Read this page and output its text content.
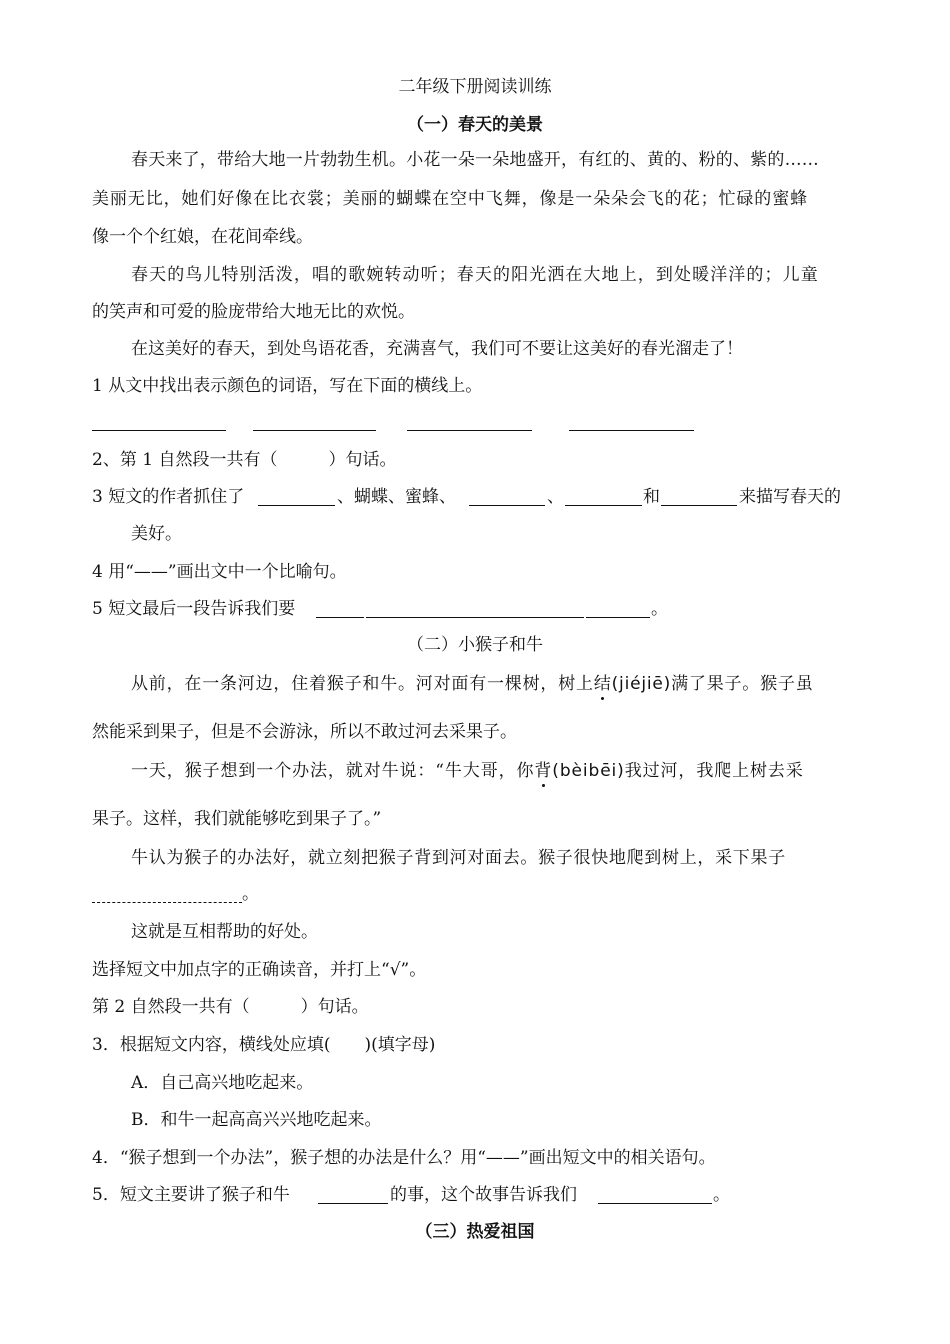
二年级下册阅读训练
（一）春天的美景
春天来了，带给大地一片勃勃生机。小花一朵一朵地盛开，有红的、黄的、粉的、紫的……
美丽无比，她们好像在比衣裳；美丽的蝴蝶在空中飞舞，像是一朵朵会飞的花；忙碌的蜜蜂
像一个个红娘，在花间牵线。
春天的鸟儿特别活泼，唱的歌婉转动听；春天的阳光洒在大地上，到处暖洋洋的；儿童
的笑声和可爱的脸庞带给大地无比的欢悦。
在这美好的春天，到处鸟语花香，充满喜气，我们可不要让这美好的春光溜走了！
1 从文中找出表示颜色的词语，写在下面的横线上。
2、第 1 自然段一共有（　　　）句话。
3 短文的作者抓住了	、蝴蝶、蜜蜂、	、	和	来描写春天的
美好。
4 用“——”画出文中一个比喻句。
5 短文最后一段告诉我们要	。
（二）小猴子和牛
从前，在一条河边，住着猴子和牛。河对面有一棵树，树上结(jiéjiē)满了果子。猴子虽
然能采到果子，但是不会游泳，所以不敢过河去采果子。
一天，猴子想到一个办法，就对牛说：“牛大哥，你背(bèibēi)我过河，我爬上树去采
果子。这样，我们就能够吃到果子了。”
牛认为猴子的办法好，就立刻把猴子背到河对面去。猴子很快地爬到树上，采下果子
。
这就是互相帮助的好处。
选择短文中加点字的正确读音，并打上“√”。
第 2 自然段一共有（　　　）句话。
3．根据短文内容，横线处应填(　　)(填字母)
A．自己高兴地吃起来。
B．和牛一起高高兴兴地吃起来。
4．“猴子想到一个办法”，猴子想的办法是什么？用“——”画出短文中的相关语句。
5．短文主要讲了猴子和牛	的事，这个故事告诉我们	。
（三）热爱祖国
